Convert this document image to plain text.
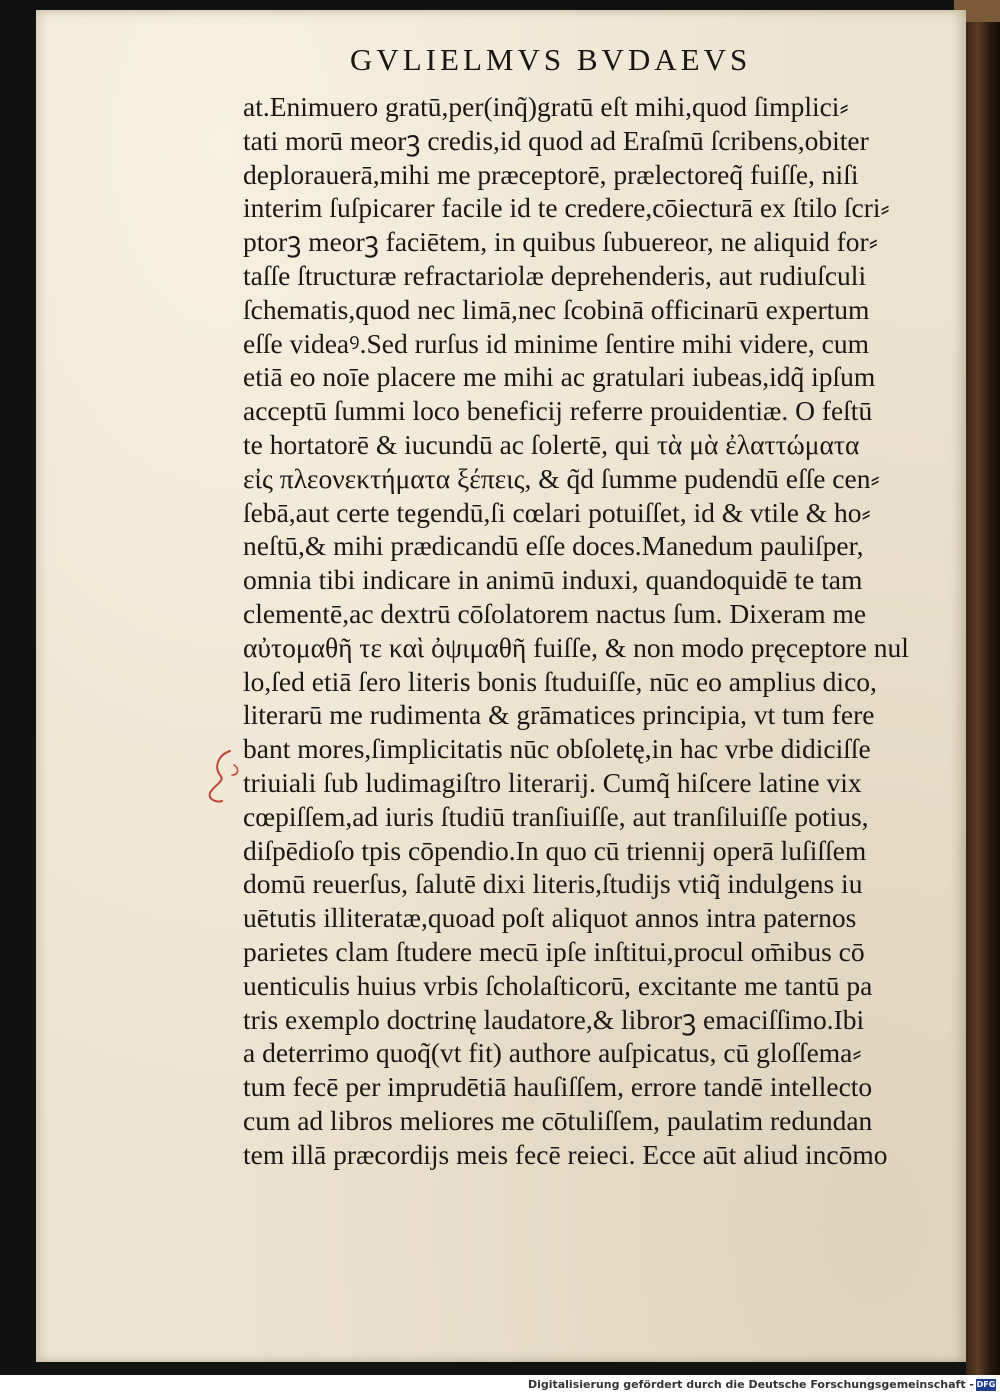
GVLIELMVS BVDAEVS
at.Enimuero gratū,per(inq̃)gratū eſt mihi,quod ſimplici⸗
tati morū meorꝫ credis,id quod ad Eraſmū ſcribens,obiter
deplorauerā,mihi me præceptorē, prælectoreq̃ fuiſſe, niſi
interim ſuſpicarer facile id te credere,cōiecturā ex ſtilo ſcri⸗
ptorꝫ meorꝫ faciētem, in quibus ſubuereor, ne aliquid for⸗
taſſe ſtructuræ refractariolæ deprehenderis, aut rudiuſculi
ſchematis,quod nec limā,nec ſcobinā officinarū expertum
eſſe videaꝰ.Sed rurſus id minime ſentire mihi videre, cum
etiā eo noīe placere me mihi ac gratulari iubeas,idq̃ ipſum
acceptū ſummi loco beneficij referre prouidentiæ. O feſtū
te hortatorē & iucundū ac ſolertē, qui τὰ μὰ ἐλαττώματα
εἰς πλεονεκτήματα ξέπεις, & q̃d ſumme pudendū eſſe cen⸗
ſebā,aut certe tegendū,ſi cœlari potuiſſet, id & vtile & ho⸗
neſtū,& mihi prædicandū eſſe doces.Manedum pauliſper,
omnia tibi indicare in animū induxi, quandoquidē te tam
clementē,ac dextrū cōſolatorem nactus ſum. Dixeram me
αὐτομαθῆ τε καὶ ὀψιμαθῆ fuiſſe, & non modo pręceptore nul
lo,ſed etiā ſero literis bonis ſtuduiſſe, nūc eo amplius dico,
literarū me rudimenta & grāmatices principia, vt tum fere
bant mores,ſimplicitatis nūc obſoletę,in hac vrbe didiciſſe
triuiali ſub ludimagiſtro literarij. Cumq̃ hiſcere latine vix
cœpiſſem,ad iuris ſtudiū tranſiuiſſe, aut tranſiluiſſe potius,
diſpēdioſo tpis cōpendio.In quo cū triennij operā luſiſſem
domū reuerſus, ſalutē dixi literis,ſtudijs vtiq̃ indulgens iu
uētutis illiteratæ,quoad poſt aliquot annos intra paternos
parietes clam ſtudere mecū ipſe inſtitui,procul om̄ibus cō
uenticulis huius vrbis ſcholaſticorū, excitante me tantū pa
tris exemplo doctrinę laudatore,& librorꝫ emaciſſimo.Ibi
a deterrimo quoq̃(vt fit) authore auſpicatus, cū gloſſema⸗
tum fecē per imprudētiā hauſiſſem, errore tandē intellecto
cum ad libros meliores me cōtuliſſem, paulatim redundan
tem illā præcordijs meis fecē reieci. Ecce aūt aliud incōmo
Digitalisierung gefördert durch die Deutsche Forschungsgemeinschaft - DFG
